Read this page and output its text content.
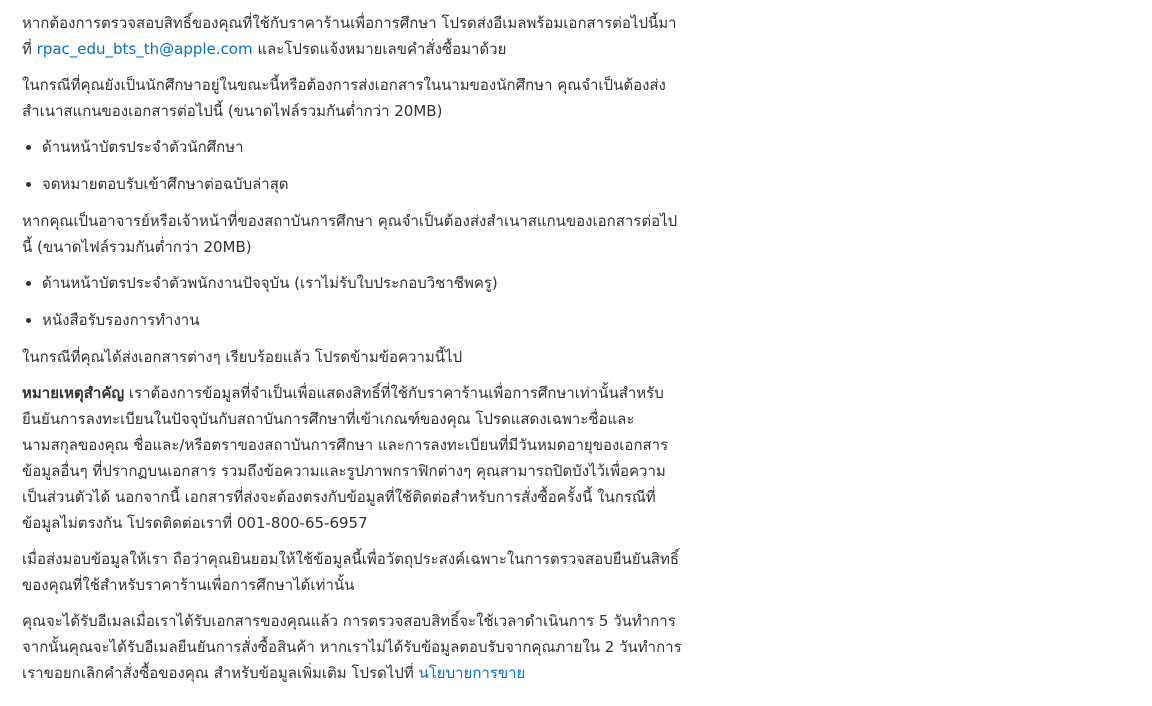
หากต้องการตรวจสอบสิทธิ์ของคุณที่ใช้กับราคาร้านเพื่อการศึกษา โปรดส่งอีเมลพร้อมเอกสารต่อไปนี้มาที่ rpac_edu_bts_th@apple.com และโปรดแจ้งหมายเลขคำสั่งซื้อมาด้วย

ในกรณีที่คุณยังเป็นนักศึกษาอยู่ในขณะนี้หรือต้องการส่งเอกสารในนามของนักศึกษา คุณจำเป็นต้องส่งสำเนาสแกนของเอกสารต่อไปนี้ (ขนาดไฟล์รวมกันต่ำกว่า 20MB)

• ด้านหน้าบัตรประจำตัวนักศึกษา
• จดหมายตอบรับเข้าศึกษาต่อฉบับล่าสุด

หากคุณเป็นอาจารย์หรือเจ้าหน้าที่ของสถาบันการศึกษา คุณจำเป็นต้องส่งสำเนาสแกนของเอกสารต่อไปนี้ (ขนาดไฟล์รวมกันต่ำกว่า 20MB)

• ด้านหน้าบัตรประจำตัวพนักงานปัจจุบัน (เราไม่รับใบประกอบวิชาชีพครู)
• หนังสือรับรองการทำงาน

ในกรณีที่คุณได้ส่งเอกสารต่างๆ เรียบร้อยแล้ว โปรดข้ามข้อความนี้ไป

หมายเหตุสำคัญ เราต้องการข้อมูลที่จำเป็นเพื่อแสดงสิทธิ์ที่ใช้กับราคาร้านเพื่อการศึกษาเท่านั้นสำหรับยืนยันการลงทะเบียนในปัจจุบันกับสถาบันการศึกษาที่เข้าเกณฑ์ของคุณ โปรดแสดงเฉพาะชื่อและนามสกุลของคุณ ชื่อและ/หรือตราของสถาบันการศึกษา และการลงทะเบียนที่มีวันหมดอายุของเอกสาร ข้อมูลอื่นๆ ที่ปรากฏบนเอกสาร รวมถึงข้อความและรูปภาพกราฟิกต่างๆ คุณสามารถปิดบังไว้เพื่อความเป็นส่วนตัวได้ นอกจากนี้ เอกสารที่ส่งจะต้องตรงกับข้อมูลที่ใช้ติดต่อสำหรับการสั่งซื้อครั้งนี้ ในกรณีที่ข้อมูลไม่ตรงกัน โปรดติดต่อเราที่ 001-800-65-6957

เมื่อส่งมอบข้อมูลให้เรา ถือว่าคุณยินยอมให้ใช้ข้อมูลนี้เพื่อวัตถุประสงค์เฉพาะในการตรวจสอบยืนยันสิทธิ์ของคุณที่ใช้สำหรับราคาร้านเพื่อการศึกษาได้เท่านั้น

คุณจะได้รับอีเมลเมื่อเราได้รับเอกสารของคุณแล้ว การตรวจสอบสิทธิ์จะใช้เวลาดำเนินการ 5 วันทำการ จากนั้นคุณจะได้รับอีเมลยืนยันการสั่งซื้อสินค้า หากเราไม่ได้รับข้อมูลตอบรับจากคุณภายใน 2 วันทำการ เราขอยกเลิกคำสั่งซื้อของคุณ สำหรับข้อมูลเพิ่มเติม โปรดไปที่ นโยบายการขาย
